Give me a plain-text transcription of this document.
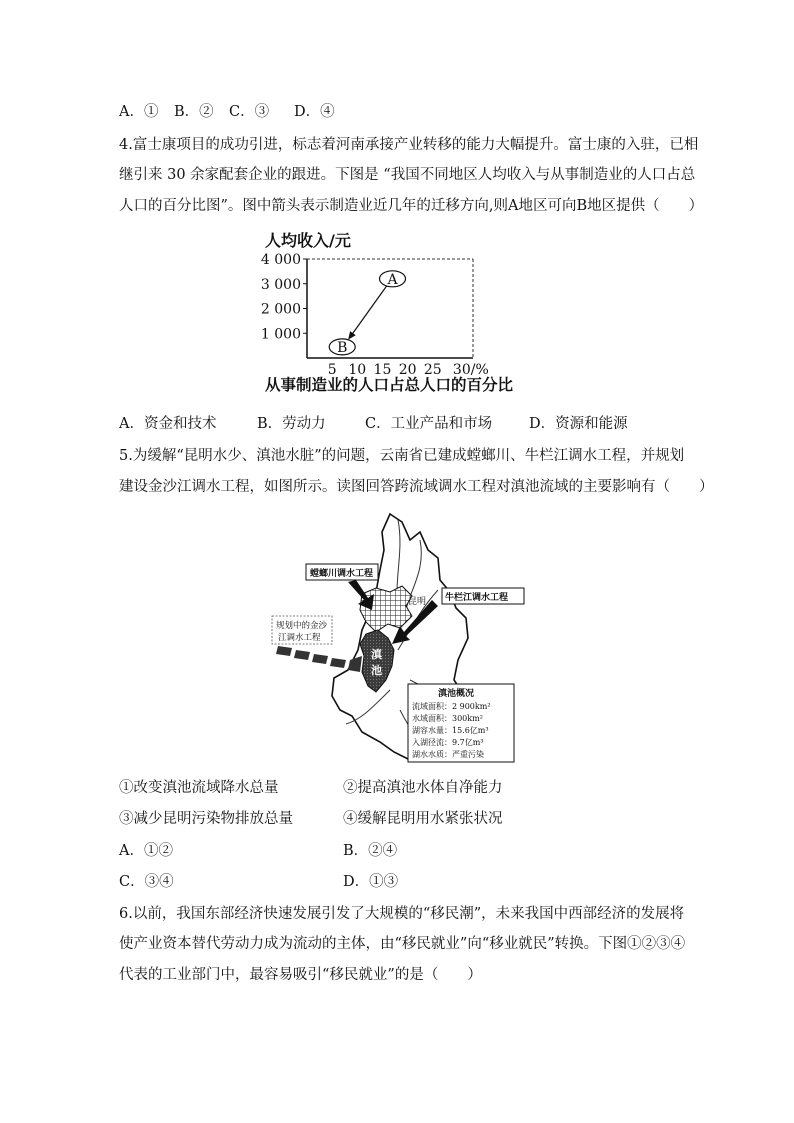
A．① B．② C．③ D．④
4.富士康项目的成功引进，标志着河南承接产业转移的能力大幅提升。富士康的入驻，已相
继引来 30 余家配套企业的跟进。下图是 “我国不同地区人均收入与从事制造业的人口占总
人口的百分比图”。图中箭头表示制造业近几年的迁移方向,则A地区可向B地区提供（　　）
人均收入/元
4 000
3 000
2 000
1 000
5 10 15 20 25 30/%
A
B
从事制造业的人口占总人口的百分比
A．资金和技术	B．劳动力	C．工业产品和市场	D．资源和能源
5.为缓解“昆明水少、滇池水脏”的问题，云南省已建成螳螂川、牛栏江调水工程，并规划
建设金沙江调水工程，如图所示。读图回答跨流域调水工程对滇池流域的主要影响有（　　）
滇
池
昆明
螳螂川调水工程
牛栏江调水工程
规划中的金沙
江调水工程
滇池概况
流域面积：2 900km²
水域面积：300km²
湖容水量：15.6亿m³
入湖径流：9.7亿m³
湖水水质：严重污染
①改变滇池流域降水总量	②提高滇池水体自净能力
③减少昆明污染物排放总量	④缓解昆明用水紧张状况
A．①②	B．②④
C．③④	D．①③
6.以前，我国东部经济快速发展引发了大规模的“移民潮”，未来我国中西部经济的发展将
使产业资本替代劳动力成为流动的主体，由“移民就业”向“移业就民”转换。下图①②③④
代表的工业部门中，最容易吸引“移民就业”的是（　　）
